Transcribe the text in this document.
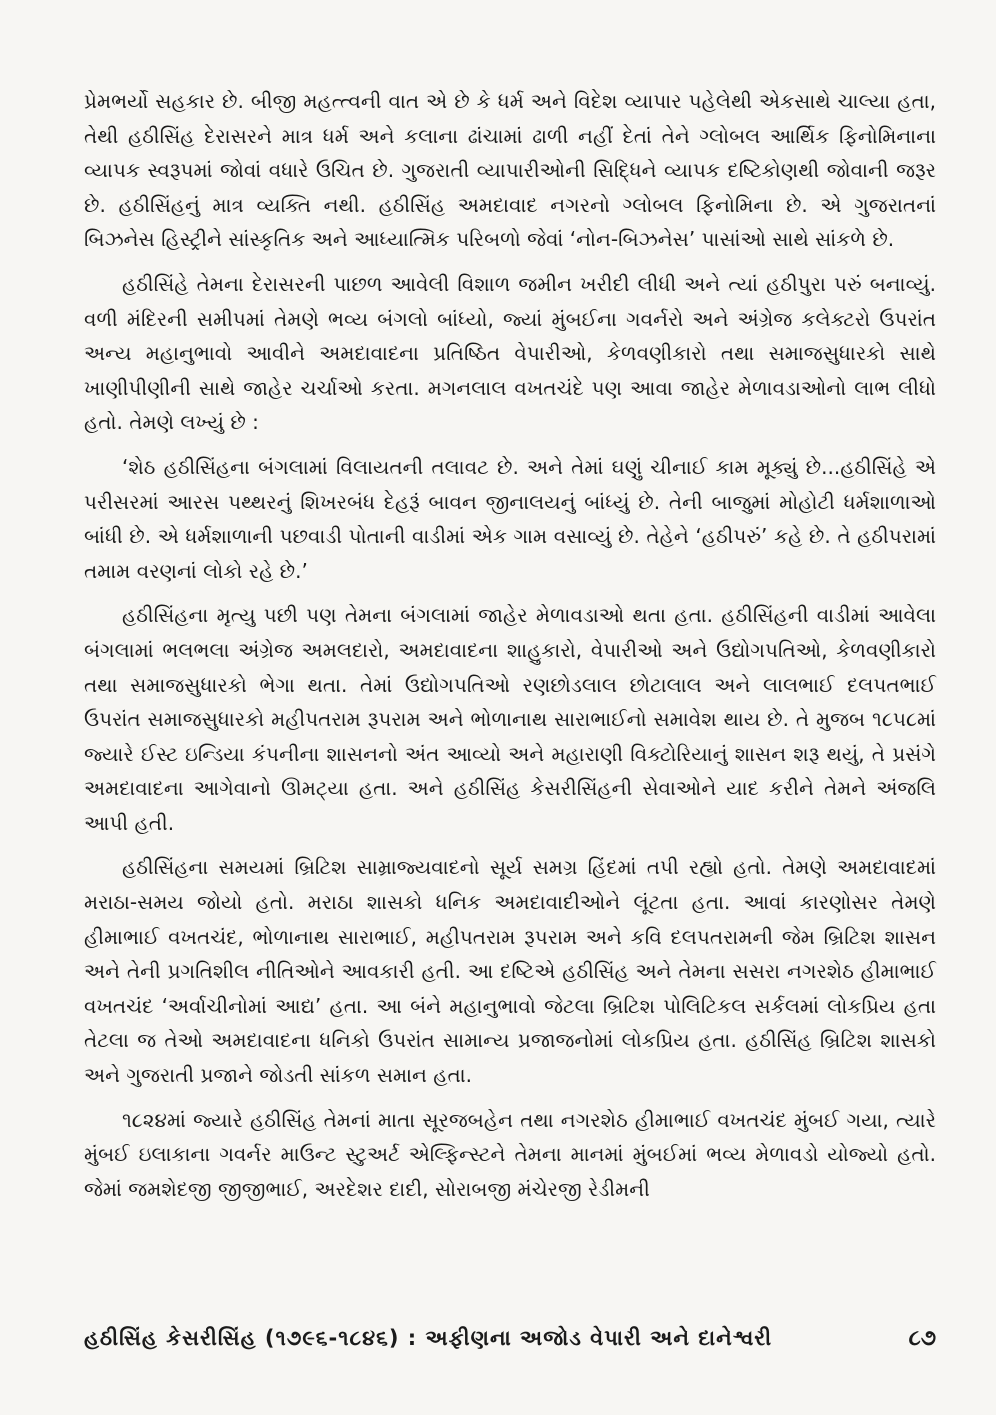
પ્રેમભર્યો સહકાર છે. બીજી મહત્ત્વની વાત એ છે કે ધર્મ અને વિદેશ વ્યાપાર પહેલેથી એકસાથે ચાલ્યા હતા, તેથી હઠીસિંહ દેરાસરને માત્ર ધર્મ અને કલાના ઢાંચામાં ઢાળી નહીં દેતાં તેને ગ્લોબલ આર્થિક ફિનોમિનાના વ્યાપક સ્વરૂપમાં જોવાં વધારે ઉચિત છે. ગુજરાતી વ્યાપારીઓની સિદ્ધિને વ્યાપક દષ્ટિકોણથી જોવાની જરૂર છે. હઠીસિંહનું માત્ર વ્યક્તિ નથી. હઠીસિંહ અમદાવાદ નગરનો ગ્લોબલ ફિનોમિના છે. એ ગુજરાતનાં બિઝનેસ હિસ્ટ્રીને સાંસ્કૃતિક અને આધ્યાત્મિક પરિબળો જેવાં ‘નોન-બિઝનેસ’ પાસાંઓ સાથે સાંકળે છે.

હઠીસિંહે તેમના દેરાસરની પાછળ આવેલી વિશાળ જમીન ખરીદી લીધી અને ત્યાં હઠીપુરા પરું બનાવ્યું. વળી મંદિરની સમીપમાં તેમણે ભવ્ય બંગલો બાંધ્યો, જ્યાં મુંબઈના ગવર્નરો અને અંગ્રેજ કલેક્ટરો ઉપરાંત અન્ય મહાનુભાવો આવીને અમદાવાદના પ્રતિષ્ઠિત વેપારીઓ, કેળવણીકારો તથા સમાજસુધારકો સાથે ખાણીપીણીની સાથે જાહેર ચર્ચાઓ કરતા. મગનલાલ વખતચંદે પણ આવા જાહેર મેળાવડાઓનો લાભ લીધો હતો. તેમણે લખ્યું છે :

‘શેઠ હઠીસિંહના બંગલામાં વિલાયતની તલાવટ છે. અને તેમાં ઘણું ચીનાઈ કામ મૂક્યું છે...હઠીસિંહે એ પરીસરમાં આરસ પથ્થરનું શિખરબંધ દેહરૂં બાવન જીનાલયનું બાંધ્યું છે. તેની બાજુમાં મોહોટી ધર્મશાળાઓ બાંધી છે. એ ધર્મશાળાની પછવાડી પોતાની વાડીમાં એક ગામ વસાવ્યું છે. તેહેને ‘હઠીપરું’ કહે છે. તે હઠીપરામાં તમામ વરણનાં લોકો રહે છે.’

હઠીસિંહના મૃત્યુ પછી પણ તેમના બંગલામાં જાહેર મેળાવડાઓ થતા હતા. હઠીસિંહની વાડીમાં આવેલા બંગલામાં ભલભલા અંગ્રેજ અમલદારો, અમદાવાદના શાહુકારો, વેપારીઓ અને ઉદ્યોગપતિઓ, કેળવણીકારો તથા સમાજસુધારકો ભેગા થતા. તેમાં ઉદ્યોગપતિઓ રણછોડલાલ છોટાલાલ અને લાલભાઈ દલપતભાઈ ઉપરાંત સમાજસુધારકો મહીપતરામ રૂપરામ અને ભોળાનાથ સારાભાઈનો સમાવેશ થાય છે. તે મુજબ ૧૮૫૮માં જ્યારે ઈસ્ટ ઇન્ડિયા કંપનીના શાસનનો અંત આવ્યો અને મહારાણી વિક્ટોરિયાનું શાસન શરૂ થયું, તે પ્રસંગે અમદાવાદના આગેવાનો ઊમટ્યા હતા. અને હઠીસિંહ કેસરીસિંહની સેવાઓને યાદ કરીને તેમને અંજલિ આપી હતી.

હઠીસિંહના સમયમાં બ્રિટિશ સામ્રાજ્યવાદનો સૂર્ય સમગ્ર હિંદમાં તપી રહ્યો હતો. તેમણે અમદાવાદમાં મરાઠા-સમય જોયો હતો. મરાઠા શાસકો ધનિક અમદાવાદીઓને લૂંટતા હતા. આવાં કારણોસર તેમણે હીમાભાઈ વખતચંદ, ભોળાનાથ સારાભાઈ, મહીપતરામ રૂપરામ અને કવિ દલપતરામની જેમ બ્રિટિશ શાસન અને તેની પ્રગતિશીલ નીતિઓને આવકારી હતી. આ દષ્ટિએ હઠીસિંહ અને તેમના સસરા નગરશેઠ હીમાભાઈ વખતચંદ ‘અર્વાચીનોમાં આદ્ય’ હતા. આ બંને મહાનુભાવો જેટલા બ્રિટિશ પોલિટિકલ સર્કલમાં લોકપ્રિય હતા તેટલા જ તેઓ અમદાવાદના ધનિકો ઉપરાંત સામાન્ય પ્રજાજનોમાં લોકપ્રિય હતા. હઠીસિંહ બ્રિટિશ શાસકો અને ગુજરાતી પ્રજાને જોડતી સાંકળ સમાન હતા.

૧૮૨૪માં જ્યારે હઠીસિંહ તેમનાં માતા સૂરજબહેન તથા નગરશેઠ હીમાભાઈ વખતચંદ મુંબઈ ગયા, ત્યારે મુંબઈ ઇલાકાના ગવર્નર માઉન્ટ સ્ટુઅર્ટ એલ્ફિન્સ્ટને તેમના માનમાં મુંબઈમાં ભવ્ય મેળાવડો યોજ્યો હતો. જેમાં જમશેદજી જીજીભાઈ, અરદેશર દાદી, સોરાબજી મંચેરજી રેડીમની

હઠીસિંહ કેસરીસિંહ (૧૭૯૬-૧૮૪૬) : અફીણના અજોડ વેપારી અને દાનેશ્વરી	૮૭
